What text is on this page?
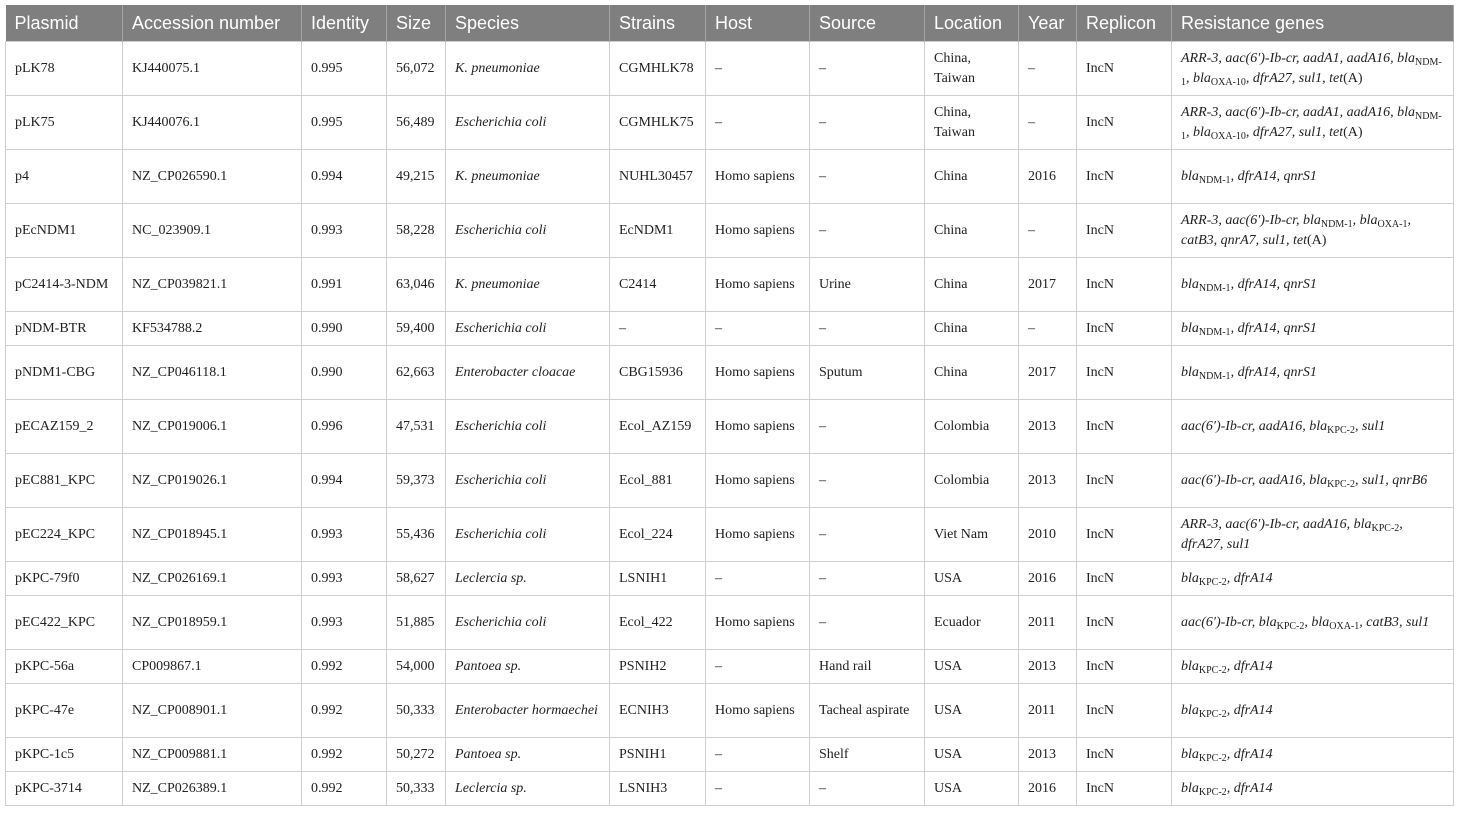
Plasmid	Accession number	Identity	Size	Species	Strains	Host	Source	Location	Year	Replicon	Resistance genes
pLK78	KJ440075.1	0.995	56,072	K. pneumoniae	CGMHLK78	–	–	China, Taiwan	–	IncN	ARR-3, aac(6′)-Ib-cr, aadA1, aadA16, bla$_{NDM-1}$, bla$_{OXA-10}$, dfrA27, sul1, tet(A)
pLK75	KJ440076.1	0.995	56,489	Escherichia coli	CGMHLK75	–	–	China, Taiwan	–	IncN	ARR-3, aac(6′)-Ib-cr, aadA1, aadA16, bla$_{NDM-1}$, bla$_{OXA-10}$, dfrA27, sul1, tet(A)
p4	NZ_CP026590.1	0.994	49,215	K. pneumoniae	NUHL30457	Homo sapiens	–	China	2016	IncN	bla$_{NDM-1}$, dfrA14, qnrS1
pEcNDM1	NC_023909.1	0.993	58,228	Escherichia coli	EcNDM1	Homo sapiens	–	China	–	IncN	ARR-3, aac(6′)-Ib-cr, bla$_{NDM-1}$, bla$_{OXA-1}$, catB3, qnrA7, sul1, tet(A)
pC2414-3-NDM	NZ_CP039821.1	0.991	63,046	K. pneumoniae	C2414	Homo sapiens	Urine	China	2017	IncN	bla$_{NDM-1}$, dfrA14, qnrS1
pNDM-BTR	KF534788.2	0.990	59,400	Escherichia coli	–	–	–	China	–	IncN	bla$_{NDM-1}$, dfrA14, qnrS1
pNDM1-CBG	NZ_CP046118.1	0.990	62,663	Enterobacter cloacae	CBG15936	Homo sapiens	Sputum	China	2017	IncN	bla$_{NDM-1}$, dfrA14, qnrS1
pECAZ159_2	NZ_CP019006.1	0.996	47,531	Escherichia coli	Ecol_AZ159	Homo sapiens	–	Colombia	2013	IncN	aac(6′)-Ib-cr, aadA16, bla$_{KPC-2}$, sul1
pEC881_KPC	NZ_CP019026.1	0.994	59,373	Escherichia coli	Ecol_881	Homo sapiens	–	Colombia	2013	IncN	aac(6′)-Ib-cr, aadA16, bla$_{KPC-2}$, sul1, qnrB6
pEC224_KPC	NZ_CP018945.1	0.993	55,436	Escherichia coli	Ecol_224	Homo sapiens	–	Viet Nam	2010	IncN	ARR-3, aac(6′)-Ib-cr, aadA16, bla$_{KPC-2}$, dfrA27, sul1
pKPC-79f0	NZ_CP026169.1	0.993	58,627	Leclercia sp.	LSNIH1	–	–	USA	2016	IncN	bla$_{KPC-2}$, dfrA14
pEC422_KPC	NZ_CP018959.1	0.993	51,885	Escherichia coli	Ecol_422	Homo sapiens	–	Ecuador	2011	IncN	aac(6′)-Ib-cr, bla$_{KPC-2}$, bla$_{OXA-1}$, catB3, sul1
pKPC-56a	CP009867.1	0.992	54,000	Pantoea sp.	PSNIH2	–	Hand rail	USA	2013	IncN	bla$_{KPC-2}$, dfrA14
pKPC-47e	NZ_CP008901.1	0.992	50,333	Enterobacter hormaechei	ECNIH3	Homo sapiens	Tacheal aspirate	USA	2011	IncN	bla$_{KPC-2}$, dfrA14
pKPC-1c5	NZ_CP009881.1	0.992	50,272	Pantoea sp.	PSNIH1	–	Shelf	USA	2013	IncN	bla$_{KPC-2}$, dfrA14
pKPC-3714	NZ_CP026389.1	0.992	50,333	Leclercia sp.	LSNIH3	–	–	USA	2016	IncN	bla$_{KPC-2}$, dfrA14
